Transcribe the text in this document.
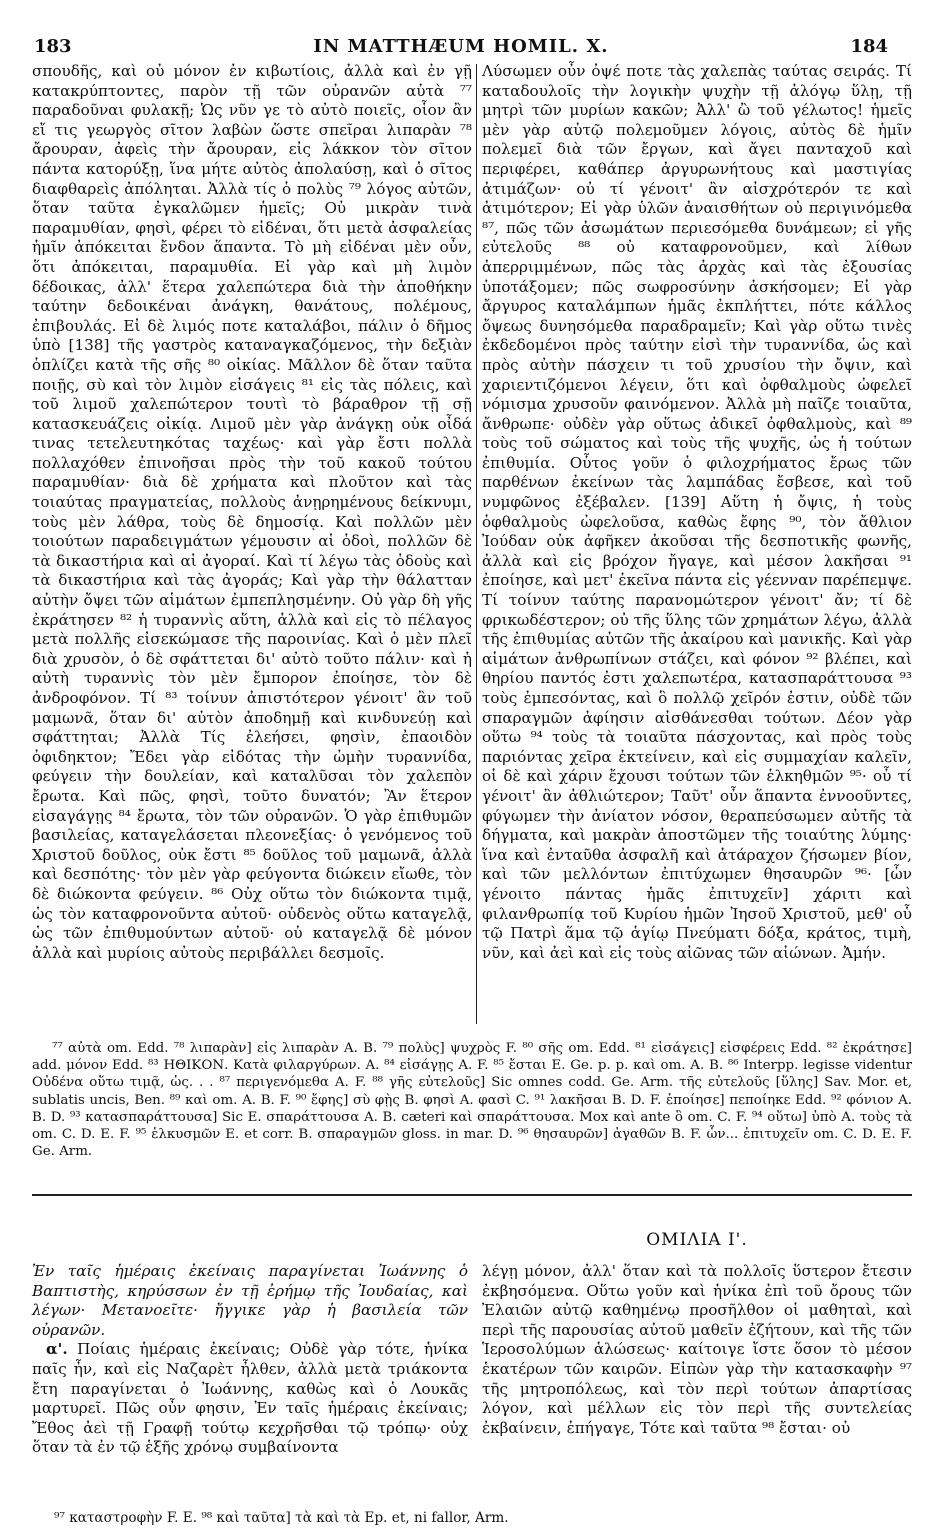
183	IN MATTHÆUM HOMIL. X.	184

σπουδῆς, καὶ οὐ μόνον ἐν κιβωτίοις, ἀλλὰ καὶ ἐν γῇ κατακρύπτοντες, παρὸν τῇ τῶν οὐρανῶν αὐτὰ ⁷⁷ παραδοῦναι φυλακῇ; Ὡς νῦν γε τὸ αὐτὸ ποιεῖς, οἷον ἂν εἴ τις γεωργὸς σῖτον λαβὼν ὥστε σπεῖραι λιπαρὰν ⁷⁸ ἄρουραν, ἀφεὶς τὴν ἄρουραν, εἰς λάκκον τὸν σῖτον πάντα κατορύξῃ, ἵνα μήτε αὐτὸς ἀπολαύσῃ, καὶ ὁ σῖτος διαφθαρεὶς ἀπόληται. Ἀλλὰ τίς ὁ πολὺς ⁷⁹ λόγος αὐτῶν, ὅταν ταῦτα ἐγκαλῶμεν ἡμεῖς; Οὐ μικρὰν τινὰ παραμυθίαν, φησὶ, φέρει τὸ εἰδέναι, ὅτι μετὰ ἀσφαλείας ἡμῖν ἀπόκειται ἔνδον ἅπαντα. Τὸ μὴ εἰδέναι μὲν οὖν, ὅτι ἀπόκειται, παραμυθία. Εἰ γὰρ καὶ μὴ λιμὸν δέδοικας, ἀλλ' ἕτερα χαλεπώτερα διὰ τὴν ἀποθήκην ταύτην δεδοικέναι ἀνάγκη, θανάτους, πολέμους, ἐπιβουλάς. Εἰ δὲ λιμός ποτε καταλάβοι, πάλιν ὁ δῆμος ὑπὸ [138] τῆς γαστρὸς καταναγκαζόμενος, τὴν δεξιὰν ὁπλίζει κατὰ τῆς σῆς ⁸⁰ οἰκίας. Μᾶλλον δὲ ὅταν ταῦτα ποιῇς, σὺ καὶ τὸν λιμὸν εἰσάγεις ⁸¹ εἰς τὰς πόλεις, καὶ τοῦ λιμοῦ χαλεπώτερον τουτὶ τὸ βάραθρον τῇ σῇ κατασκευάζεις οἰκίᾳ. Λιμοῦ μὲν γὰρ ἀνάγκῃ οὐκ οἶδά τινας τετελευτηκότας ταχέως· καὶ γὰρ ἔστι πολλὰ πολλαχόθεν ἐπινοῆσαι πρὸς τὴν τοῦ κακοῦ τούτου παραμυθίαν· διὰ δὲ χρήματα καὶ πλοῦτον καὶ τὰς τοιαύτας πραγματείας, πολλοὺς ἀνῃρημένους δείκνυμι, τοὺς μὲν λάθρα, τοὺς δὲ δημοσίᾳ. Καὶ πολλῶν μὲν τοιούτων παραδειγμάτων γέμουσιν αἱ ὁδοὶ, πολλῶν δὲ τὰ δικαστήρια καὶ αἱ ἀγοραί. Καὶ τί λέγω τὰς ὁδοὺς καὶ τὰ δικαστήρια καὶ τὰς ἀγοράς; Καὶ γὰρ τὴν θάλατταν αὐτὴν ὄψει τῶν αἱμάτων ἐμπεπλησμένην. Οὐ γὰρ δὴ γῆς ἐκράτησεν ⁸² ἡ τυραννὶς αὕτη, ἀλλὰ καὶ εἰς τὸ πέλαγος μετὰ πολλῆς εἰσεκώμασε τῆς παροινίας. Καὶ ὁ μὲν πλεῖ διὰ χρυσὸν, ὁ δὲ σφάττεται δι' αὐτὸ τοῦτο πάλιν· καὶ ἡ αὐτὴ τυραννὶς τὸν μὲν ἔμπορον ἐποίησε, τὸν δὲ ἀνδροφόνον. Τί ⁸³ τοίνυν ἀπιστότερον γένοιτ' ἂν τοῦ μαμωνᾶ, ὅταν δι' αὐτὸν ἀποδημῇ καὶ κινδυνεύῃ καὶ σφάττηται; Ἀλλὰ Τίς ἐλεήσει, φησὶν, ἐπαοιδὸν ὀφιδηκτον; Ἔδει γὰρ εἰδότας τὴν ὠμὴν τυραννίδα, φεύγειν τὴν δουλείαν, καὶ καταλῦσαι τὸν χαλεπὸν ἔρωτα. Καὶ πῶς, φησὶ, τοῦτο δυνατόν; Ἂν ἕτερον εἰσαγάγῃς ⁸⁴ ἔρωτα, τὸν τῶν οὐρανῶν. Ὁ γὰρ ἐπιθυμῶν βασιλείας, καταγελάσεται πλεονεξίας· ὁ γενόμενος τοῦ Χριστοῦ δοῦλος, οὐκ ἔστι ⁸⁵ δοῦλος τοῦ μαμωνᾶ, ἀλλὰ καὶ δεσπότης· τὸν μὲν γὰρ φεύγοντα διώκειν εἴωθε, τὸν δὲ διώκοντα φεύγειν. ⁸⁶ Οὐχ οὕτω τὸν διώκοντα τιμᾷ, ὡς τὸν καταφρονοῦντα αὐτοῦ· οὐδενὸς οὕτω καταγελᾷ, ὡς τῶν ἐπιθυμούντων αὐτοῦ· οὐ καταγελᾷ δὲ μόνον ἀλλὰ καὶ μυρίοις αὐτοὺς περιβάλλει δεσμοῖς.

Λύσωμεν οὖν ὀψέ ποτε τὰς χαλεπὰς ταύτας σειράς. Τί καταδουλοῖς τὴν λογικὴν ψυχὴν τῇ ἀλόγῳ ὕλῃ, τῇ μητρὶ τῶν μυρίων κακῶν; Ἀλλ' ὢ τοῦ γέλωτος! ἡμεῖς μὲν γὰρ αὐτῷ πολεμοῦμεν λόγοις, αὐτὸς δὲ ἡμῖν πολεμεῖ διὰ τῶν ἔργων, καὶ ἄγει πανταχοῦ καὶ περιφέρει, καθάπερ ἀργυρωνήτους καὶ μαστιγίας ἀτιμάζων· οὐ τί γένοιτ' ἂν αἰσχρότερόν τε καὶ ἀτιμότερον; Εἰ γὰρ ὑλῶν ἀναισθήτων οὐ περιγινόμεθα ⁸⁷, πῶς τῶν ἀσωμάτων περιεσόμεθα δυνάμεων; εἰ γῆς εὐτελοῦς ⁸⁸ οὐ καταφρονοῦμεν, καὶ λίθων ἀπερριμμένων, πῶς τὰς ἀρχὰς καὶ τὰς ἐξουσίας ὑποτάξομεν; πῶς σωφροσύνην ἀσκήσομεν; Εἰ γὰρ ἄργυρος καταλάμπων ἡμᾶς ἐκπλήττει, πότε κάλλος ὄψεως δυνησόμεθα παραδραμεῖν; Καὶ γὰρ οὕτω τινὲς ἐκδεδομένοι πρὸς ταύτην εἰσὶ τὴν τυραννίδα, ὡς καὶ πρὸς αὐτὴν πάσχειν τι τοῦ χρυσίου τὴν ὄψιν, καὶ χαριεντιζόμενοι λέγειν, ὅτι καὶ ὀφθαλμοὺς ὠφελεῖ νόμισμα χρυσοῦν φαινόμενον. Ἀλλὰ μὴ παῖζε τοιαῦτα, ἄνθρωπε· οὐδὲν γὰρ οὕτως ἀδικεῖ ὀφθαλμοὺς, καὶ ⁸⁹ τοὺς τοῦ σώματος καὶ τοὺς τῆς ψυχῆς, ὡς ἡ τούτων ἐπιθυμία. Οὗτος γοῦν ὁ φιλοχρήματος ἔρως τῶν παρθένων ἐκείνων τὰς λαμπάδας ἔσβεσε, καὶ τοῦ νυμφῶνος ἐξέβαλεν. [139] Αὕτη ἡ ὄψις, ἡ τοὺς ὀφθαλμοὺς ὠφελοῦσα, καθὼς ἔφης ⁹⁰, τὸν ἄθλιον Ἰούδαν οὐκ ἀφῆκεν ἀκοῦσαι τῆς δεσποτικῆς φωνῆς, ἀλλὰ καὶ εἰς βρόχον ἤγαγε, καὶ μέσον λακῆσαι ⁹¹ ἐποίησε, καὶ μετ' ἐκεῖνα πάντα εἰς γέενναν παρέπεμψε. Τί τοίνυν ταύτης παρανομώτερον γένοιτ' ἄν; τί δὲ φρικωδέστερον; οὐ τῆς ὕλης τῶν χρημάτων λέγω, ἀλλὰ τῆς ἐπιθυμίας αὐτῶν τῆς ἀκαίρου καὶ μανικῆς. Καὶ γὰρ αἱμάτων ἀνθρωπίνων στάζει, καὶ φόνον ⁹² βλέπει, καὶ θηρίου παντός ἐστι χαλεπωτέρα, κατασπαράττουσα ⁹³ τοὺς ἐμπεσόντας, καὶ ὃ πολλῷ χεῖρόν ἐστιν, οὐδὲ τῶν σπαραγμῶν ἀφίησιν αἰσθάνεσθαι τούτων. Δέον γὰρ οὕτω ⁹⁴ τοὺς τὰ τοιαῦτα πάσχοντας, καὶ πρὸς τοὺς παριόντας χεῖρα ἐκτείνειν, καὶ εἰς συμμαχίαν καλεῖν, οἱ δὲ καὶ χάριν ἔχουσι τούτων τῶν ἑλκηθμῶν ⁹⁵· οὗ τί γένοιτ' ἂν ἀθλιώτερον; Ταῦτ' οὖν ἅπαντα ἐννοοῦντες, φύγωμεν τὴν ἀνίατον νόσον, θεραπεύσωμεν αὐτῆς τὰ δήγματα, καὶ μακρὰν ἀποστῶμεν τῆς τοιαύτης λύμης· ἵνα καὶ ἐνταῦθα ἀσφαλῆ καὶ ἀτάραχον ζήσωμεν βίον, καὶ τῶν μελλόντων ἐπιτύχωμεν θησαυρῶν ⁹⁶· [ὧν γένοιτο πάντας ἡμᾶς ἐπιτυχεῖν] χάριτι καὶ φιλανθρωπίᾳ τοῦ Κυρίου ἡμῶν Ἰησοῦ Χριστοῦ, μεθ' οὗ τῷ Πατρὶ ἅμα τῷ ἁγίῳ Πνεύματι δόξα, κράτος, τιμὴ, νῦν, καὶ ἀεὶ καὶ εἰς τοὺς αἰῶνας τῶν αἰώνων. Ἀμήν.

⁷⁷ αὐτὰ om. Edd. ⁷⁸ λιπαρὰν] εἰς λιπαρὰν A. B. ⁷⁹ πολὺς] ψυχρὸς F. ⁸⁰ σῆς om. Edd. ⁸¹ εἰσάγεις] εἰσφέρεις Edd. ⁸² ἐκράτησε] add. μόνον Edd. ⁸³ ΗΘΙΚΟΝ. Κατὰ φιλαργύρων. A. ⁸⁴ εἰσάγῃς A. F. ⁸⁵ ἔσται E. Ge. p. p. καὶ om. A. B. ⁸⁶ Interpp. legisse videntur Οὐδένα οὕτω τιμᾷ, ὡς. . . ⁸⁷ περιγενόμεθα A. F. ⁸⁸ γῆς εὐτελοῦς] Sic omnes codd. Ge. Arm. τῆς εὐτελοῦς [ὕλης] Sav. Mor. et, sublatis uncis, Ben. ⁸⁹ καὶ om. A. B. F. ⁹⁰ ἔφης] σὺ φῂς B. φησὶ A. φασὶ C. ⁹¹ λακῆσαι B. D. F. ἐποίησε] πεποίηκε Edd. ⁹² φόνιον A. B. D. ⁹³ κατασπαράττουσα] Sic E. σπαράττουσα A. B. cæteri καὶ σπαράττουσα. Mox καὶ ante ὃ om. C. F. ⁹⁴ οὕτω] ὑπὸ A. τοὺς τὰ om. C. D. E. F. ⁹⁵ ἑλκυσμῶν E. et corr. B. σπαραγμῶν gloss. in mar. D. ⁹⁶ θησαυρῶν] ἀγαθῶν B. F. ὧν... ἐπιτυχεῖν om. C. D. E. F. Ge. Arm.

ΟΜΙΛΙΑ Ι'.

Ἐν ταῖς ἡμέραις ἐκείναις παραγίνεται Ἰωάννης ὁ Βαπτιστὴς, κηρύσσων ἐν τῇ ἐρήμῳ τῆς Ἰουδαίας, καὶ λέγων· Μετανοεῖτε· ἤγγικε γὰρ ἡ βασιλεία τῶν οὐρανῶν.

α'. Ποίαις ἡμέραις ἐκείναις; Οὐδὲ γὰρ τότε, ἡνίκα παῖς ἦν, καὶ εἰς Ναζαρὲτ ἦλθεν, ἀλλὰ μετὰ τριάκοντα ἔτη παραγίνεται ὁ Ἰωάννης, καθὼς καὶ ὁ Λουκᾶς μαρτυρεῖ. Πῶς οὖν φησιν, Ἐν ταῖς ἡμέραις ἐκείναις; Ἔθος ἀεὶ τῇ Γραφῇ τούτῳ κεχρῆσθαι τῷ τρόπῳ· οὐχ ὅταν τὰ ἐν τῷ ἑξῆς χρόνῳ συμβαίνοντα

λέγῃ μόνον, ἀλλ' ὅταν καὶ τὰ πολλοῖς ὕστερον ἔτεσιν ἐκβησόμενα. Οὕτω γοῦν καὶ ἡνίκα ἐπὶ τοῦ ὄρους τῶν Ἐλαιῶν αὐτῷ καθημένῳ προσῆλθον οἱ μαθηταὶ, καὶ περὶ τῆς παρουσίας αὐτοῦ μαθεῖν ἐζήτουν, καὶ τῆς τῶν Ἱεροσολύμων ἁλώσεως· καίτοιγε ἴστε ὅσον τὸ μέσον ἑκατέρων τῶν καιρῶν. Εἰπὼν γὰρ τὴν κατασκαφὴν ⁹⁷ τῆς μητροπόλεως, καὶ τὸν περὶ τούτων ἀπαρτίσας λόγον, καὶ μέλλων εἰς τὸν περὶ τῆς συντελείας ἐκβαίνειν, ἐπήγαγε, Τότε καὶ ταῦτα ⁹⁸ ἔσται· οὐ

⁹⁷ καταστροφὴν F. E. ⁹⁸ καὶ ταῦτα] τὰ καὶ τὰ Ep. et, ni fallor, Arm.
